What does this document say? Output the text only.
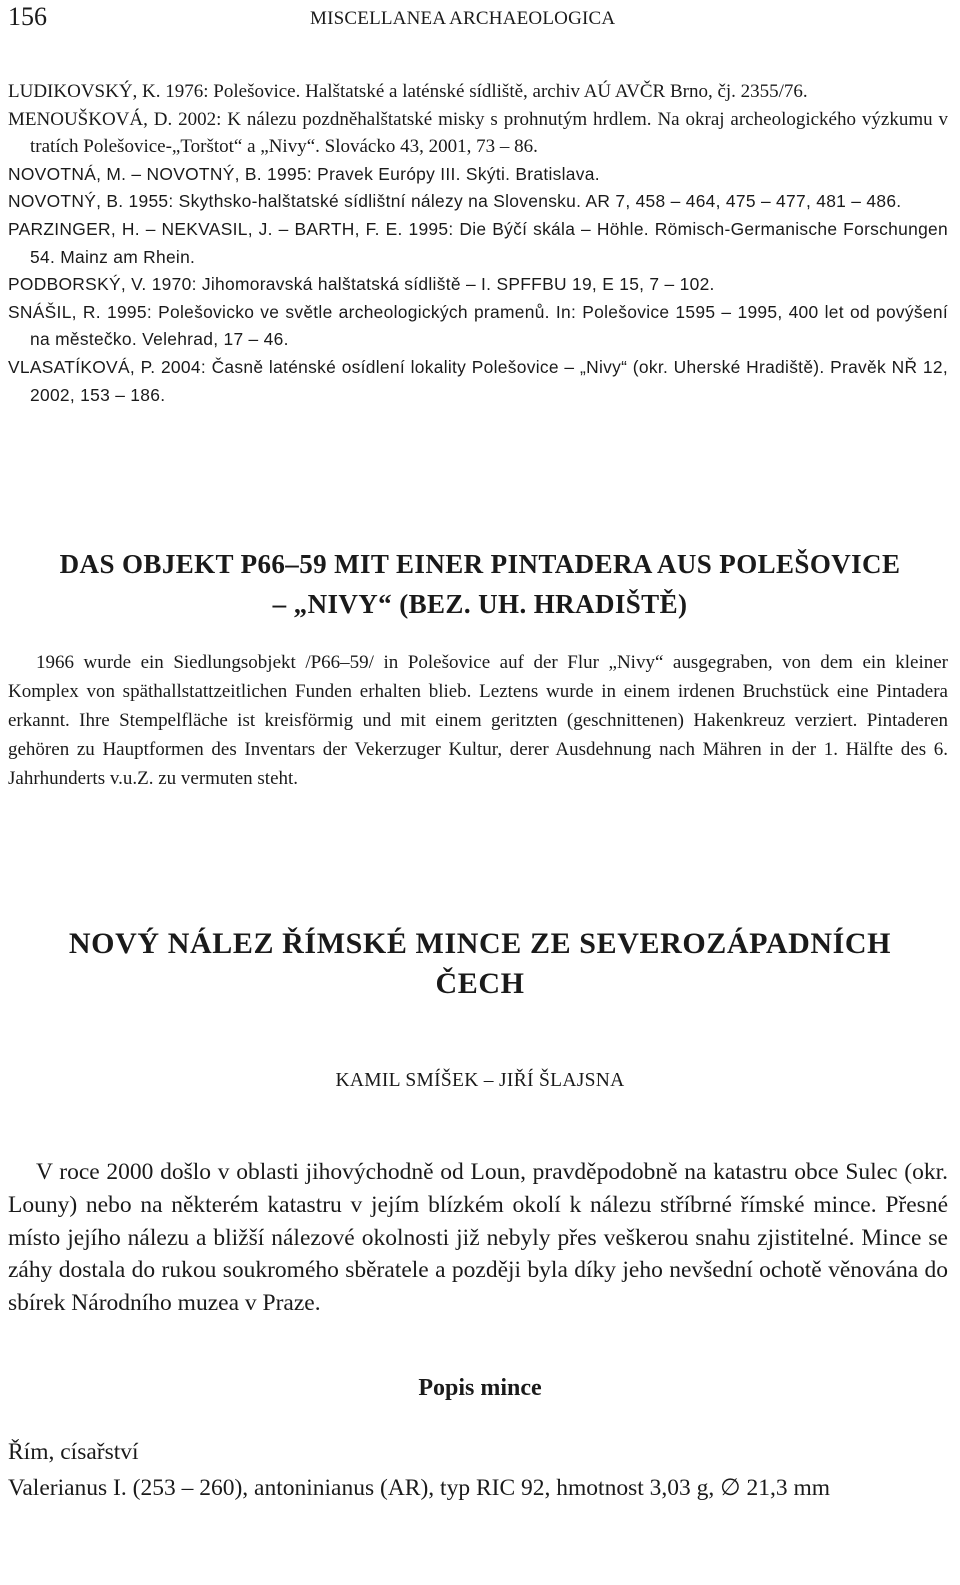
156	MISCELLANEA ARCHAEOLOGICA

LUDIKOVSKÝ, K. 1976: Polešovice. Halštatské a laténské sídliště, archiv AÚ AVČR Brno, čj. 2355/76.

MENOUŠKOVÁ, D. 2002: K nálezu pozdněhalštatské misky s prohnutým hrdlem. Na okraj archeologického výzkumu v tratích Polešovice-„Torštot“ a „Nivy“. Slovácko 43, 2001, 73 – 86.

NOVOTNÁ, M. – NOVOTNÝ, B. 1995: Pravek Európy III. Skýti. Bratislava.

NOVOTNÝ, B. 1955: Skythsko-halštatské sídlištní nálezy na Slovensku. AR 7, 458 – 464, 475 – 477, 481 – 486.

PARZINGER, H. – NEKVASIL, J. – BARTH, F. E. 1995: Die Býčí skála – Höhle. Römisch-Germanische Forschungen 54. Mainz am Rhein.

PODBORSKÝ, V. 1970: Jihomoravská halštatská sídliště – I. SPFFBU 19, E 15, 7 – 102.

SNÁŠIL, R. 1995: Polešovicko ve světle archeologických pramenů. In: Polešovice 1595 – 1995, 400 let od povýšení na městečko. Velehrad, 17 – 46.

VLASATÍKOVÁ, P. 2004: Časně laténské osídlení lokality Polešovice – „Nivy“ (okr. Uherské Hradiště). Pravěk NŘ 12, 2002, 153 – 186.

DAS OBJEKT P66–59 MIT EINER PINTADERA AUS POLEŠOVICE
– „NIVY“ (BEZ. UH. HRADIŠTĚ)

1966 wurde ein Siedlungsobjekt /P66–59/ in Polešovice auf der Flur „Nivy“ ausgegraben, von dem ein kleiner Komplex von späthallstattzeitlichen Funden erhalten blieb. Leztens wurde in einem irdenen Bruchstück eine Pintadera erkannt. Ihre Stempelfläche ist kreisförmig und mit einem geritzten (geschnittenen) Hakenkreuz verziert. Pintaderen gehören zu Hauptformen des Inventars der Vekerzuger Kultur, derer Ausdehnung nach Mähren in der 1. Hälfte des 6. Jahrhunderts v.u.Z. zu vermuten steht.

NOVÝ NÁLEZ ŘÍMSKÉ MINCE ZE SEVEROZÁPADNÍCH
ČECH

KAMIL SMÍŠEK – JIŘÍ ŠLAJSNA

V roce 2000 došlo v oblasti jihovýchodně od Loun, pravděpodobně na katastru obce Sulec (okr. Louny) nebo na některém katastru v jejím blízkém okolí k nálezu stříbrné římské mince. Přesné místo jejího nálezu a bližší nálezové okolnosti již nebyly přes veškerou snahu zjistitelné. Mince se záhy dostala do rukou soukromého sběratele a později byla díky jeho nevšední ochotě věnována do sbírek Národního muzea v Praze.

Popis mince

Řím, císařství

Valerianus I. (253 – 260), antoninianus (AR), typ RIC 92, hmotnost 3,03 g, ∅ 21,3 mm
